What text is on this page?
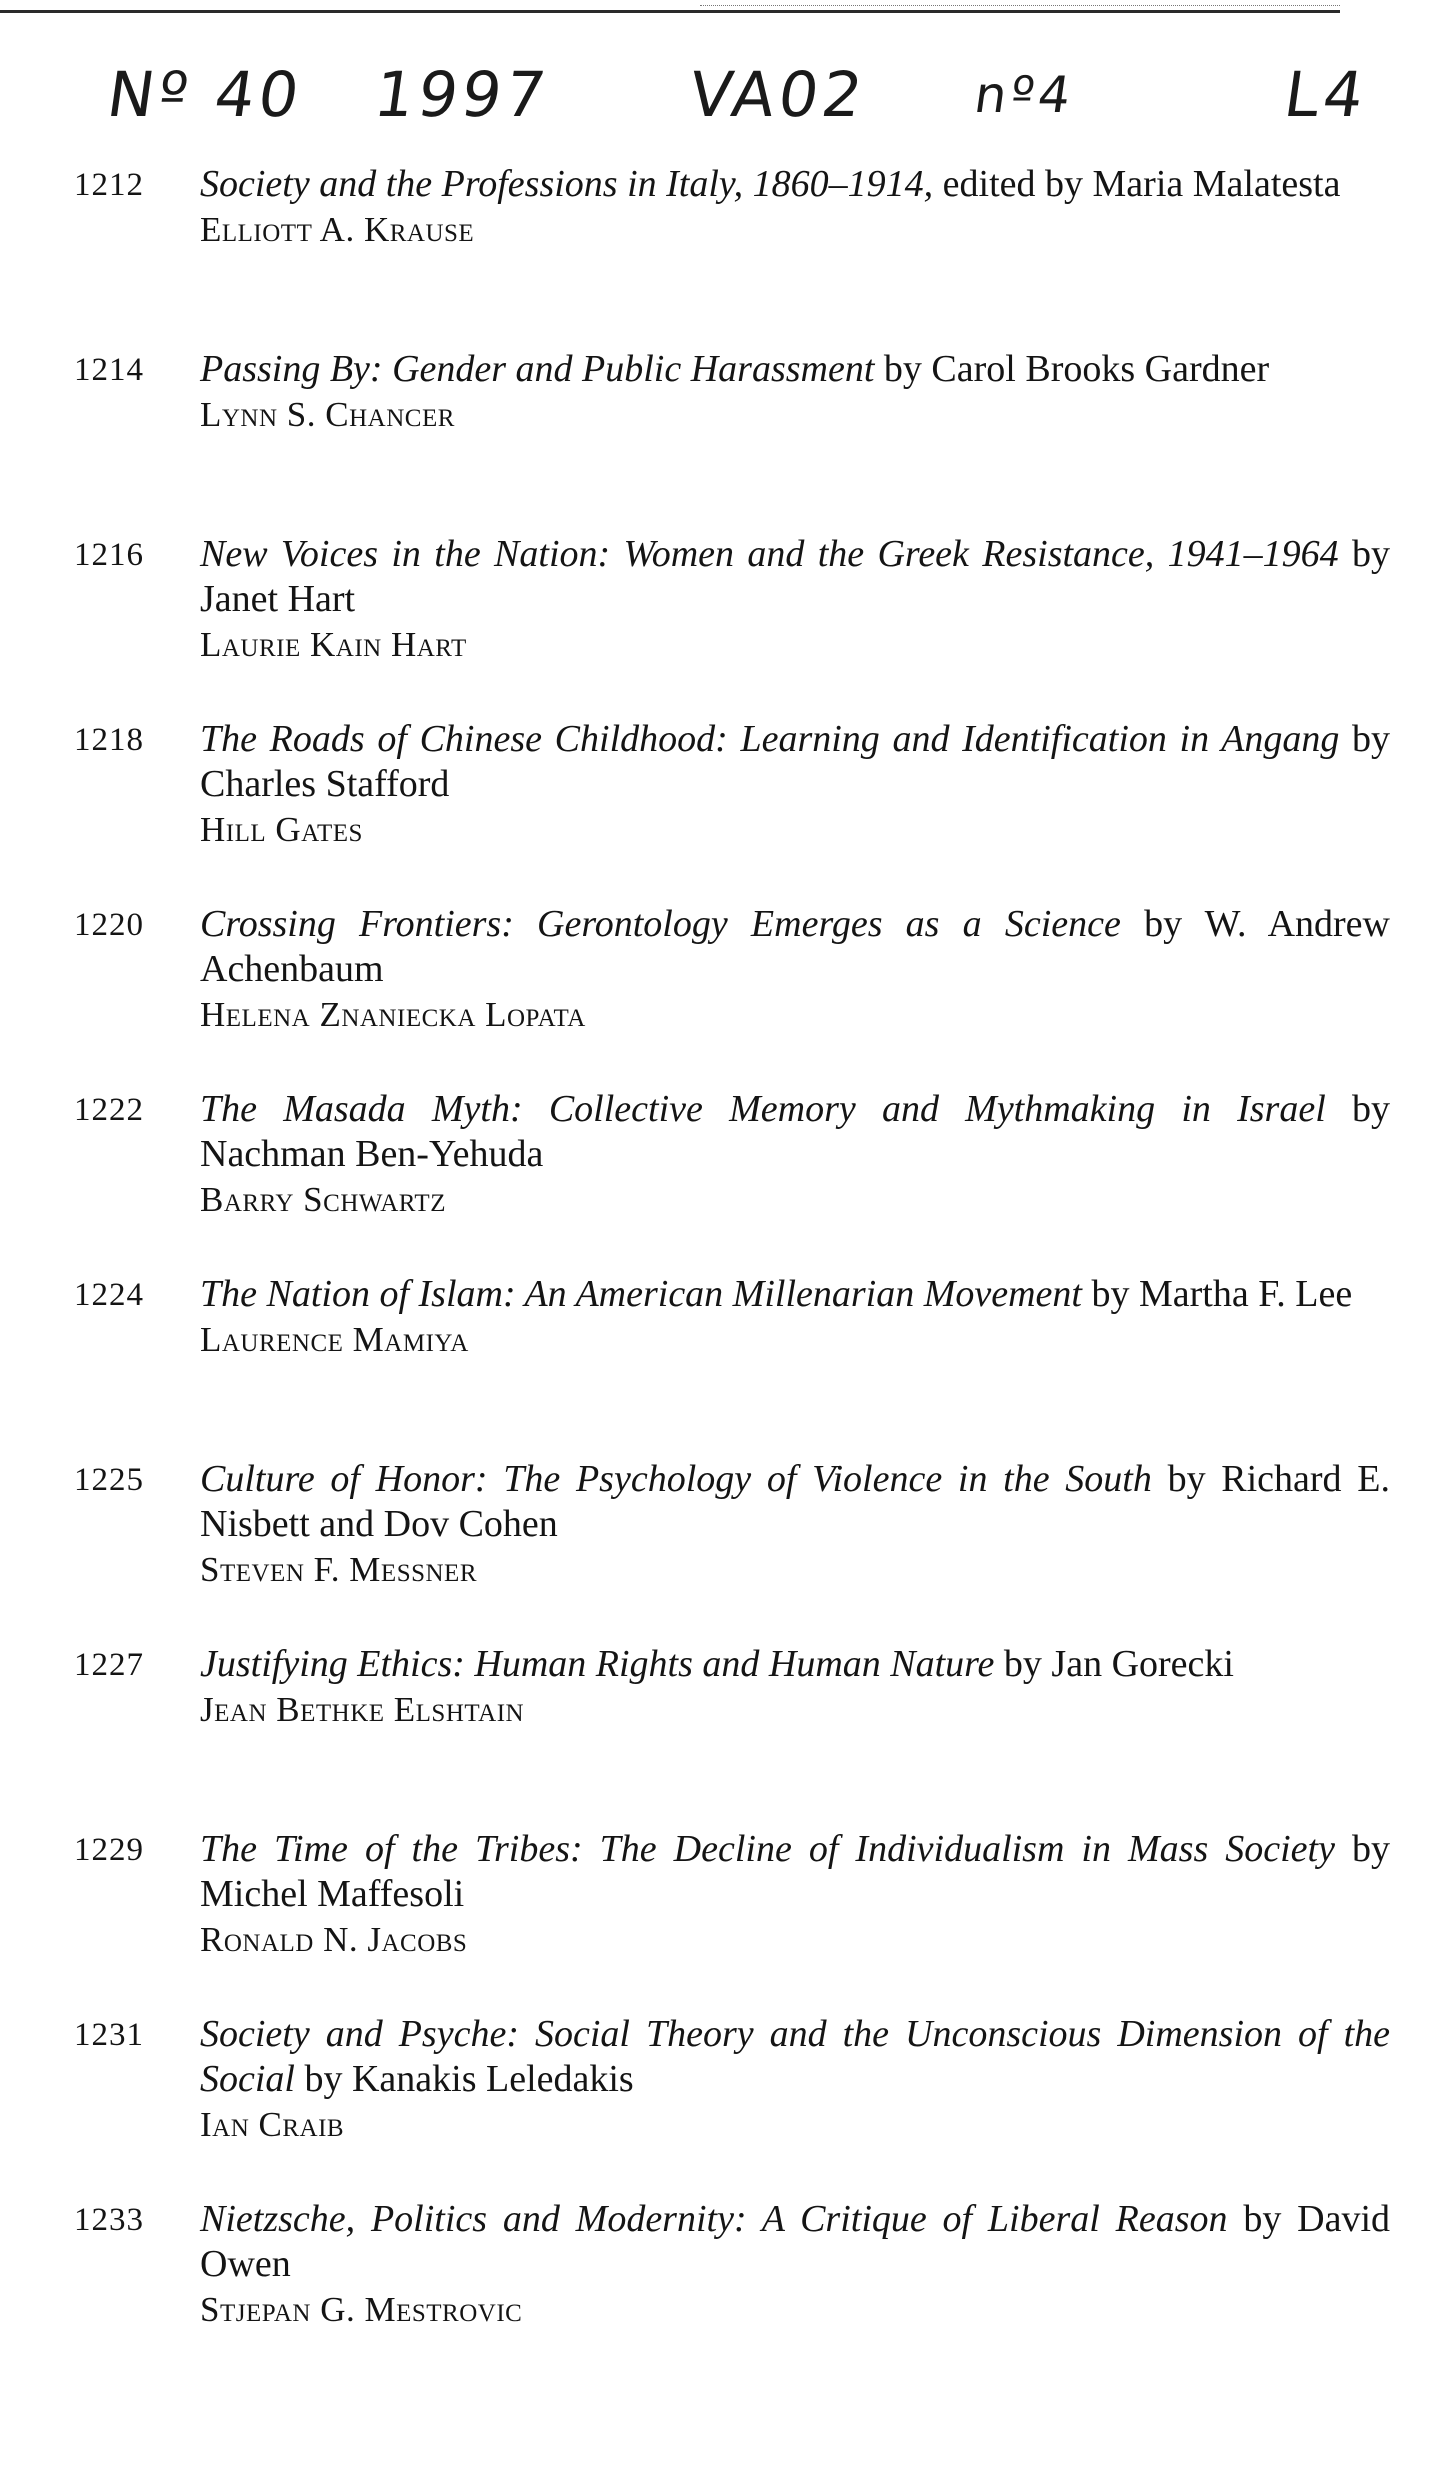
Nº 40 1997 VA02 nº4	L4
1212 Society and the Professions in Italy, 1860–1914, edited by Maria Malatesta

Elliott A. Krause

1214 Passing By: Gender and Public Harassment by Carol Brooks Gardner

Lynn S. Chancer

1216 New Voices in the Nation: Women and the Greek Resistance, 1941–1964 by Janet Hart

Laurie Kain Hart

1218 The Roads of Chinese Childhood: Learning and Identification in Angang by Charles Stafford

Hill Gates

1220 Crossing Frontiers: Gerontology Emerges as a Science by W. Andrew Achenbaum

Helena Znaniecka Lopata

1222 The Masada Myth: Collective Memory and Mythmaking in Israel by Nachman Ben-Yehuda

Barry Schwartz

1224 The Nation of Islam: An American Millenarian Movement by Martha F. Lee

Laurence Mamiya

1225 Culture of Honor: The Psychology of Violence in the South by Richard E. Nisbett and Dov Cohen

Steven F. Messner

1227 Justifying Ethics: Human Rights and Human Nature by Jan Gorecki

Jean Bethke Elshtain

1229 The Time of the Tribes: The Decline of Individualism in Mass Society by Michel Maffesoli

Ronald N. Jacobs

1231 Society and Psyche: Social Theory and the Unconscious Dimension of the Social by Kanakis Leledakis

Ian Craib

1233 Nietzsche, Politics and Modernity: A Critique of Liberal Reason by David Owen

Stjepan G. Mestrovic
